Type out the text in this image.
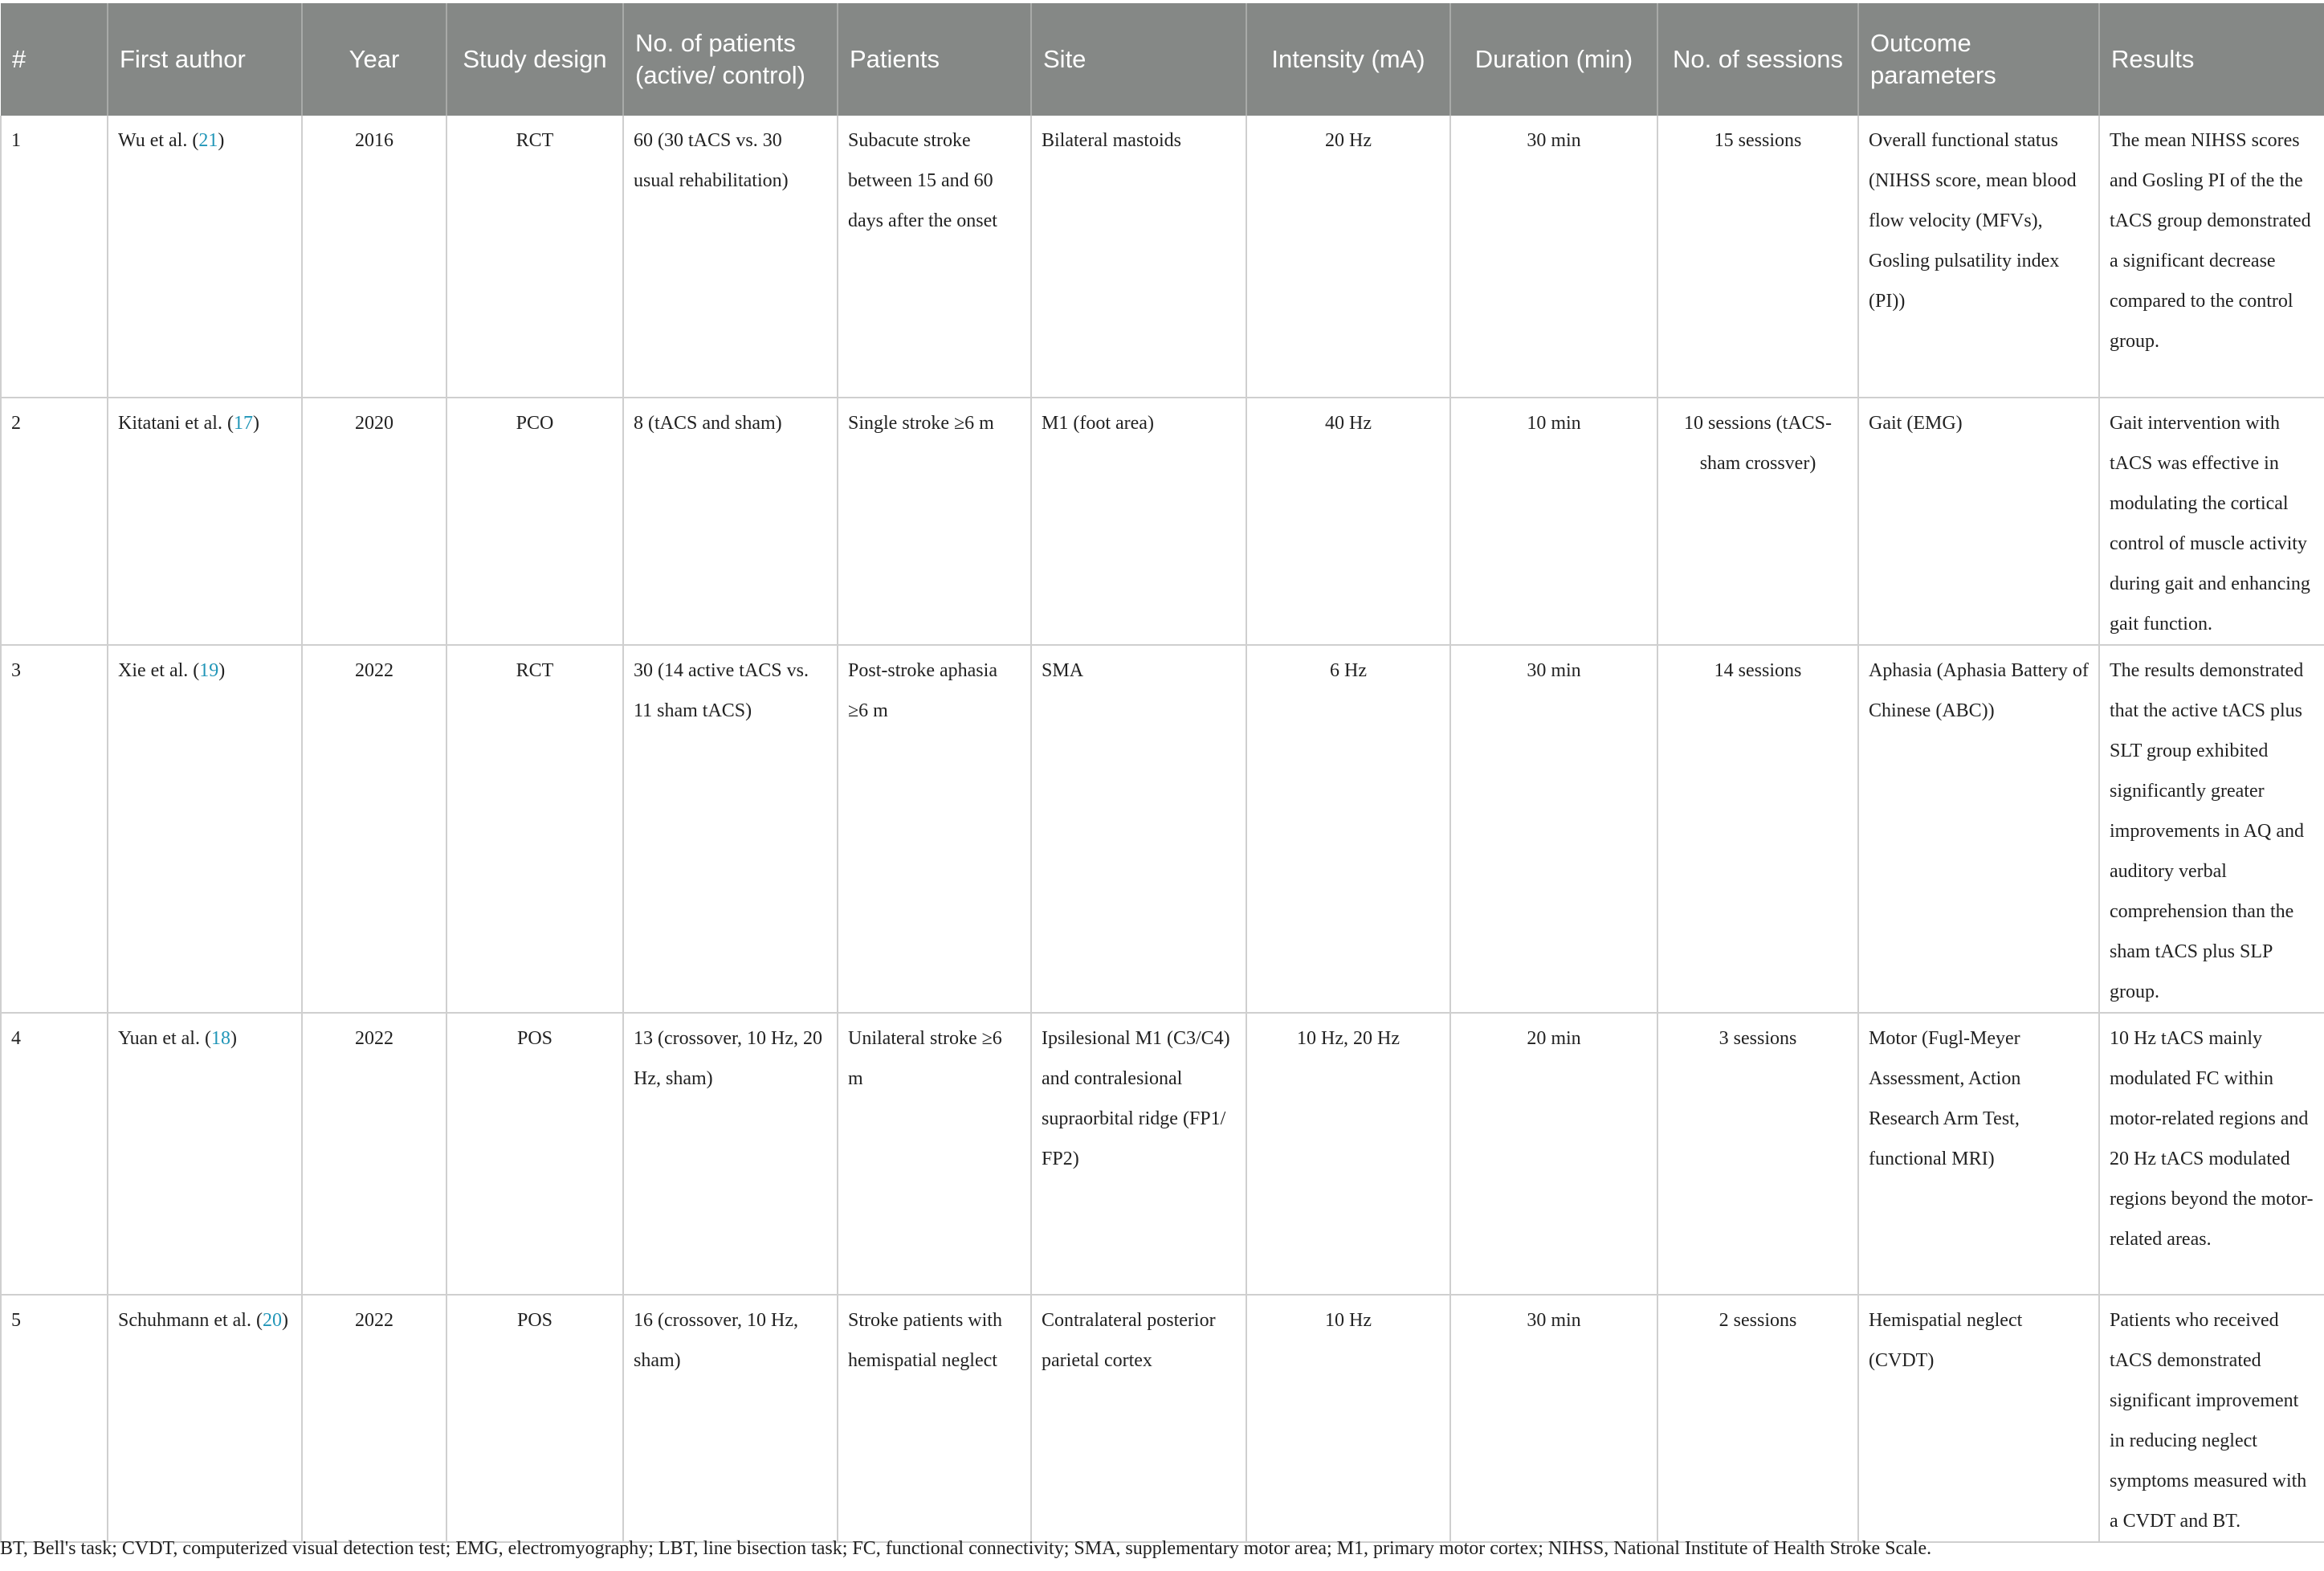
#	First author	Year	Study design	No. of patients (active/ control)	Patients	Site	Intensity (mA)	Duration (min)	No. of sessions	Outcome parameters	Results
1	Wu et al. (21)	2016	RCT	60 (30 tACS vs. 30 usual rehabilitation)	Subacute stroke between 15 and 60 days after the onset	Bilateral mastoids	20 Hz	30 min	15 sessions	Overall functional status (NIHSS score, mean blood flow velocity (MFVs), Gosling pulsatility index (PI))	The mean NIHSS scores and Gosling PI of the the tACS group demonstrated a significant decrease compared to the control group.
2	Kitatani et al. (17)	2020	PCO	8 (tACS and sham)	Single stroke ≥6 m	M1 (foot area)	40 Hz	10 min	10 sessions (tACS-sham crossver)	Gait (EMG)	Gait intervention with tACS was effective in modulating the cortical control of muscle activity during gait and enhancing gait function.
3	Xie et al. (19)	2022	RCT	30 (14 active tACS vs. 11 sham tACS)	Post-stroke aphasia ≥6 m	SMA	6 Hz	30 min	14 sessions	Aphasia (Aphasia Battery of Chinese (ABC))	The results demonstrated that the active tACS plus SLT group exhibited significantly greater improvements in AQ and auditory verbal comprehension than the sham tACS plus SLP group.
4	Yuan et al. (18)	2022	POS	13 (crossover, 10 Hz, 20 Hz, sham)	Unilateral stroke ≥6 m	Ipsilesional M1 (C3/C4) and contralesional supraorbital ridge (FP1/ FP2)	10 Hz, 20 Hz	20 min	3 sessions	Motor (Fugl-Meyer Assessment, Action Research Arm Test, functional MRI)	10 Hz tACS mainly modulated FC within motor-related regions and 20 Hz tACS modulated regions beyond the motor-related areas.
5	Schuhmann et al. (20)	2022	POS	16 (crossover, 10 Hz, sham)	Stroke patients with hemispatial neglect	Contralateral posterior parietal cortex	10 Hz	30 min	2 sessions	Hemispatial neglect (CVDT)	Patients who received tACS demonstrated significant improvement in reducing neglect symptoms measured with a CVDT and BT.
BT, Bell's task; CVDT, computerized visual detection test; EMG, electromyography; LBT, line bisection task; FC, functional connectivity; SMA, supplementary motor area; M1, primary motor cortex; NIHSS, National Institute of Health Stroke Scale.
